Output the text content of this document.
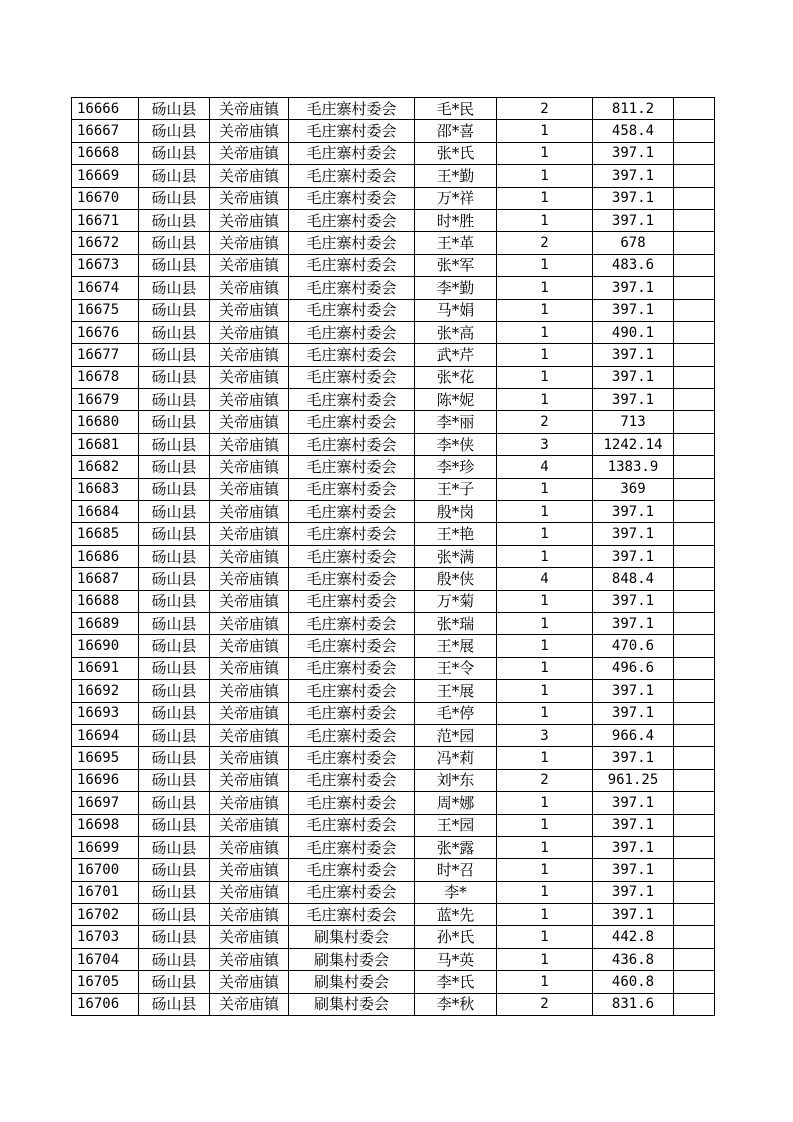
16666	砀山县	关帝庙镇	毛庄寨村委会	毛*民	2	811.2	
16667	砀山县	关帝庙镇	毛庄寨村委会	邵*喜	1	458.4	
16668	砀山县	关帝庙镇	毛庄寨村委会	张*氏	1	397.1	
16669	砀山县	关帝庙镇	毛庄寨村委会	王*勤	1	397.1	
16670	砀山县	关帝庙镇	毛庄寨村委会	万*祥	1	397.1	
16671	砀山县	关帝庙镇	毛庄寨村委会	时*胜	1	397.1	
16672	砀山县	关帝庙镇	毛庄寨村委会	王*革	2	678	
16673	砀山县	关帝庙镇	毛庄寨村委会	张*军	1	483.6	
16674	砀山县	关帝庙镇	毛庄寨村委会	李*勤	1	397.1	
16675	砀山县	关帝庙镇	毛庄寨村委会	马*娟	1	397.1	
16676	砀山县	关帝庙镇	毛庄寨村委会	张*高	1	490.1	
16677	砀山县	关帝庙镇	毛庄寨村委会	武*芹	1	397.1	
16678	砀山县	关帝庙镇	毛庄寨村委会	张*花	1	397.1	
16679	砀山县	关帝庙镇	毛庄寨村委会	陈*妮	1	397.1	
16680	砀山县	关帝庙镇	毛庄寨村委会	李*丽	2	713	
16681	砀山县	关帝庙镇	毛庄寨村委会	李*侠	3	1242.14	
16682	砀山县	关帝庙镇	毛庄寨村委会	李*珍	4	1383.9	
16683	砀山县	关帝庙镇	毛庄寨村委会	王*子	1	369	
16684	砀山县	关帝庙镇	毛庄寨村委会	殷*岗	1	397.1	
16685	砀山县	关帝庙镇	毛庄寨村委会	王*艳	1	397.1	
16686	砀山县	关帝庙镇	毛庄寨村委会	张*满	1	397.1	
16687	砀山县	关帝庙镇	毛庄寨村委会	殷*侠	4	848.4	
16688	砀山县	关帝庙镇	毛庄寨村委会	万*菊	1	397.1	
16689	砀山县	关帝庙镇	毛庄寨村委会	张*瑞	1	397.1	
16690	砀山县	关帝庙镇	毛庄寨村委会	王*展	1	470.6	
16691	砀山县	关帝庙镇	毛庄寨村委会	王*令	1	496.6	
16692	砀山县	关帝庙镇	毛庄寨村委会	王*展	1	397.1	
16693	砀山县	关帝庙镇	毛庄寨村委会	毛*停	1	397.1	
16694	砀山县	关帝庙镇	毛庄寨村委会	范*园	3	966.4	
16695	砀山县	关帝庙镇	毛庄寨村委会	冯*莉	1	397.1	
16696	砀山县	关帝庙镇	毛庄寨村委会	刘*东	2	961.25	
16697	砀山县	关帝庙镇	毛庄寨村委会	周*娜	1	397.1	
16698	砀山县	关帝庙镇	毛庄寨村委会	王*园	1	397.1	
16699	砀山县	关帝庙镇	毛庄寨村委会	张*露	1	397.1	
16700	砀山县	关帝庙镇	毛庄寨村委会	时*召	1	397.1	
16701	砀山县	关帝庙镇	毛庄寨村委会	李*	1	397.1	
16702	砀山县	关帝庙镇	毛庄寨村委会	蓝*先	1	397.1	
16703	砀山县	关帝庙镇	刷集村委会	孙*氏	1	442.8	
16704	砀山县	关帝庙镇	刷集村委会	马*英	1	436.8	
16705	砀山县	关帝庙镇	刷集村委会	李*氏	1	460.8	
16706	砀山县	关帝庙镇	刷集村委会	李*秋	2	831.6	
